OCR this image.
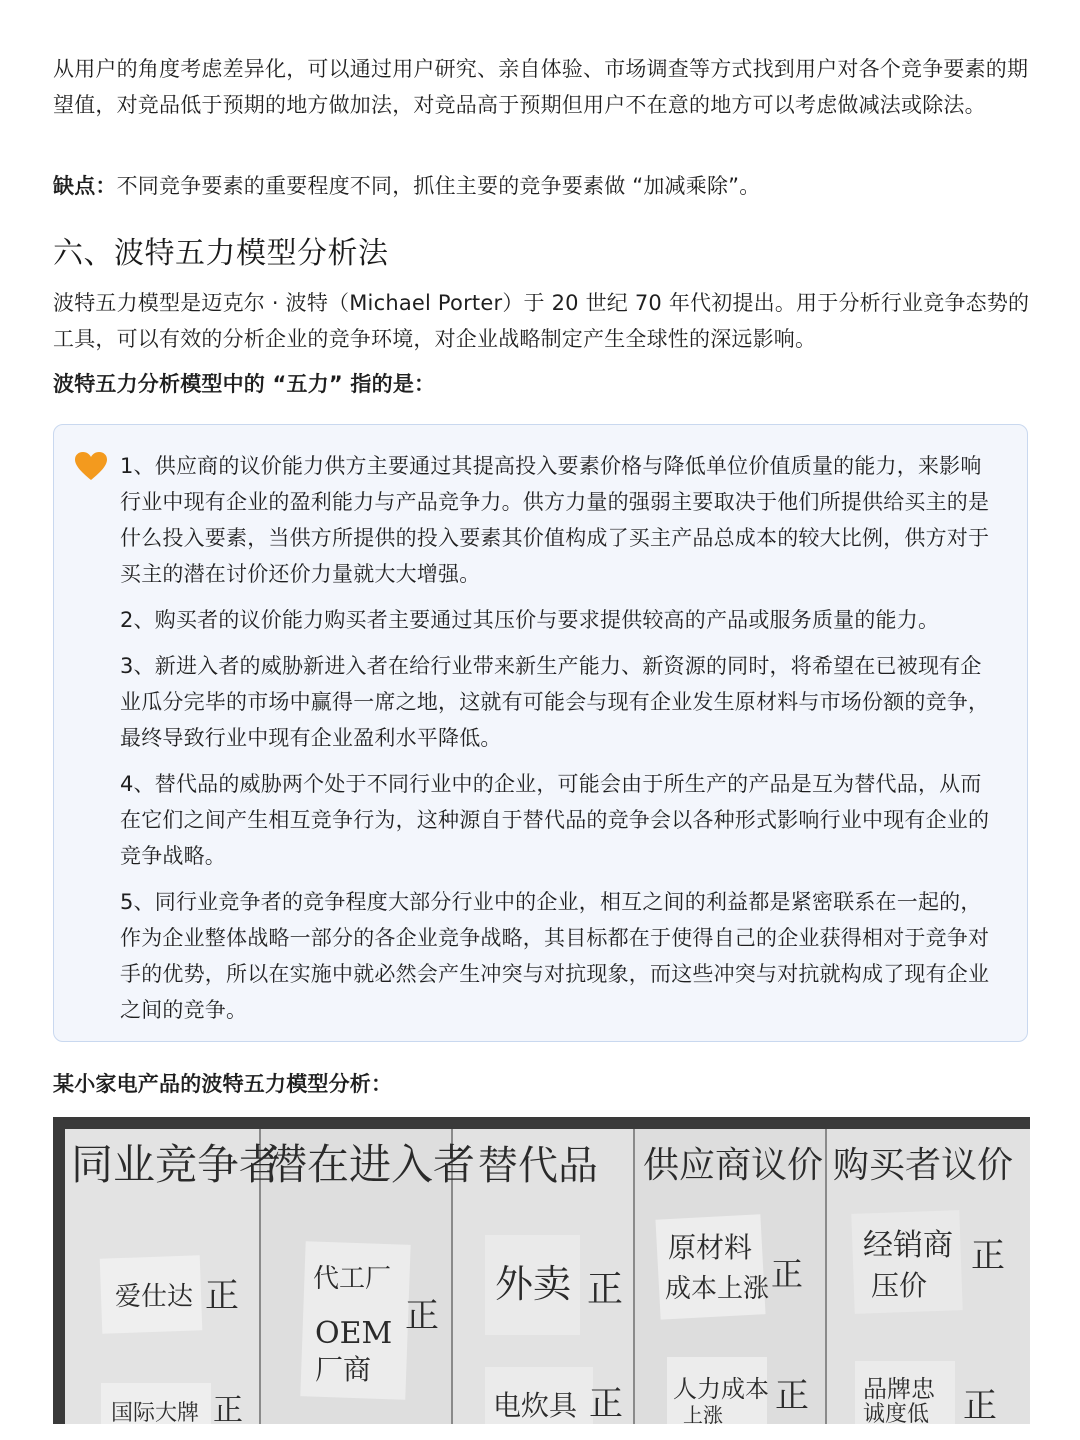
从用户的角度考虑差异化，可以通过用户研究、亲自体验、市场调查等方式找到用户对各个竞争要素的期望值，对竞品低于预期的地方做加法，对竞品高于预期但用户不在意的地方可以考虑做减法或除法。

缺点：不同竞争要素的重要程度不同，抓住主要的竞争要素做 “加减乘除”。

六、波特五力模型分析法

波特五力模型是迈克尔 · 波特（Michael Porter）于 20 世纪 70 年代初提出。用于分析行业竞争态势的工具，可以有效的分析企业的竞争环境，对企业战略制定产生全球性的深远影响。

波特五力分析模型中的 “五力” 指的是：

1、供应商的议价能力供方主要通过其提高投入要素价格与降低单位价值质量的能力，来影响行业中现有企业的盈利能力与产品竞争力。供方力量的强弱主要取决于他们所提供给买主的是什么投入要素，当供方所提供的投入要素其价值构成了买主产品总成本的较大比例，供方对于买主的潜在讨价还价力量就大大增强。

2、购买者的议价能力购买者主要通过其压价与要求提供较高的产品或服务质量的能力。

3、新进入者的威胁新进入者在给行业带来新生产能力、新资源的同时，将希望在已被现有企业瓜分完毕的市场中赢得一席之地，这就有可能会与现有企业发生原材料与市场份额的竞争，最终导致行业中现有企业盈利水平降低。

4、替代品的威胁两个处于不同行业中的企业，可能会由于所生产的产品是互为替代品，从而在它们之间产生相互竞争行为，这种源自于替代品的竞争会以各种形式影响行业中现有企业的竞争战略。

5、同行业竞争者的竞争程度大部分行业中的企业，相互之间的利益都是紧密联系在一起的，作为企业整体战略一部分的各企业竞争战略，其目标都在于使得自己的企业获得相对于竞争对手的优势，所以在实施中就必然会产生冲突与对抗现象，而这些冲突与对抗就构成了现有企业之间的竞争。

某小家电产品的波特五力模型分析：

同业竞争者
潜在进入者 替代品 供应商议价 购买者议价
爱仕达 正
国际大牌 正
代工厂
OEM
厂商
正
外卖 正
电炊具 正
原材料
成本上涨 正
人力成本
上涨 正
经销商
压价
正
品牌忠
诚度低 正
